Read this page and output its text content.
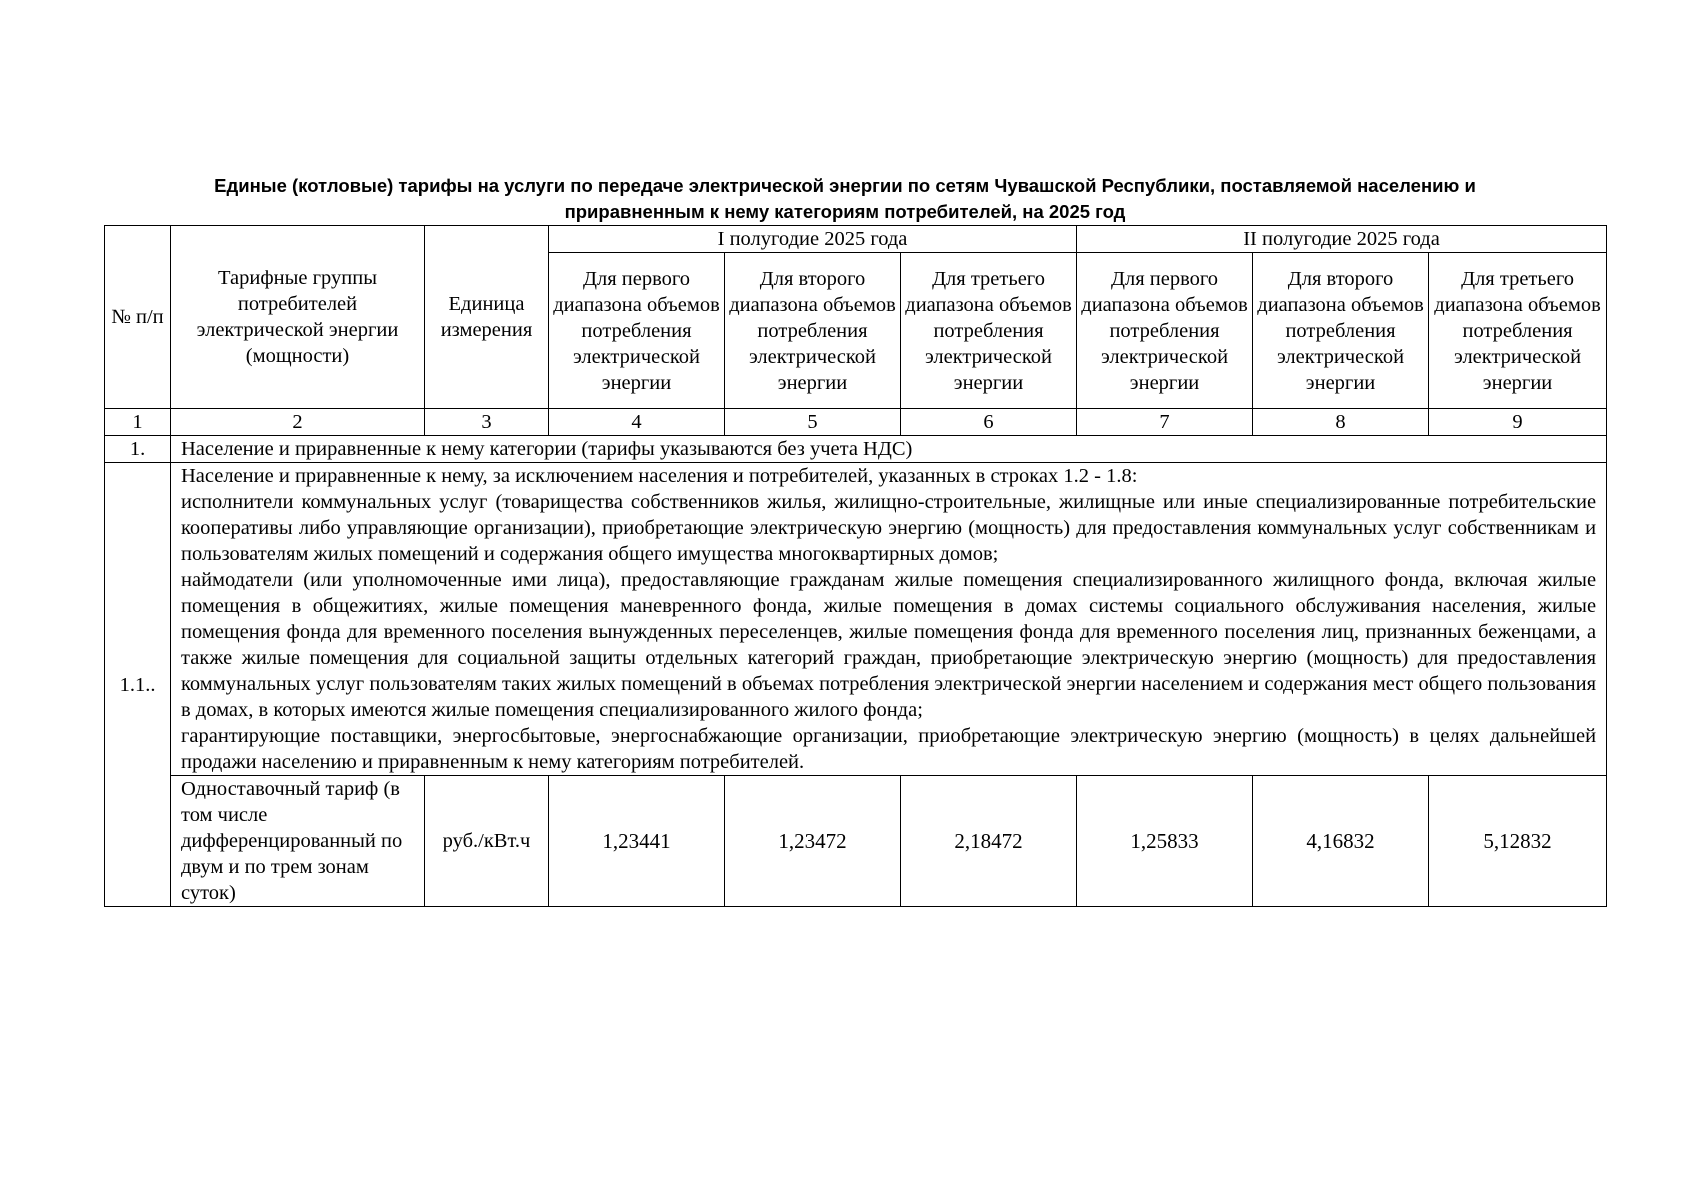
Единые (котловые) тарифы на услуги по передаче электрической энергии по сетям Чувашской Республики, поставляемой населению и
приравненным к нему категориям потребителей, на 2025 год
№ п/п	Тарифные группы потребителей электрической энергии (мощности)	Единица измерения	I полугодие 2025 года			II полугодие 2025 года		
			Для первого диапазона объемов потребления электрической энергии	Для второго диапазона объемов потребления электрической энергии	Для третьего диапазона объемов потребления электрической энергии	Для первого диапазона объемов потребления электрической энергии	Для второго диапазона объемов потребления электрической энергии	Для третьего диапазона объемов потребления электрической энергии
1	2	3	4	5	6	7	8	9
1.	Население и приравненные к нему категории (тарифы указываются без учета НДС)							
1.1..	Население и приравненные к нему, за исключением населения и потребителей, указанных в строках 1.2 - 1.8:

исполнители коммунальных услуг (товарищества собственников жилья, жилищно-строительные, жилищные или иные специализированные потребительские кооперативы либо управляющие организации), приобретающие электрическую энергию (мощность) для предоставления коммунальных услуг собственникам и пользователям жилых помещений и содержания общего имущества многоквартирных домов;

наймодатели (или уполномоченные ими лица), предоставляющие гражданам жилые помещения специализированного жилищного фонда, включая жилые помещения в общежитиях, жилые помещения маневренного фонда, жилые помещения в домах системы социального обслуживания населения, жилые помещения фонда для временного поселения вынужденных переселенцев, жилые помещения фонда для временного поселения лиц, признанных беженцами, а также жилые помещения для социальной защиты отдельных категорий граждан, приобретающие электрическую энергию (мощность) для предоставления коммунальных услуг пользователям таких жилых помещений в объемах потребления электрической энергии населением и содержания мест общего пользования в домах, в которых имеются жилые помещения специализированного жилого фонда;

гарантирующие поставщики, энергосбытовые, энергоснабжающие организации, приобретающие электрическую энергию (мощность) в целях дальнейшей продажи населению и приравненным к нему категориям потребителей.							

	Одноставочный тариф (в том числе дифференцированный по двум и по трем зонам суток)	руб./кВт.ч	1,23441	1,23472	2,18472	1,25833	4,16832	5,12832
